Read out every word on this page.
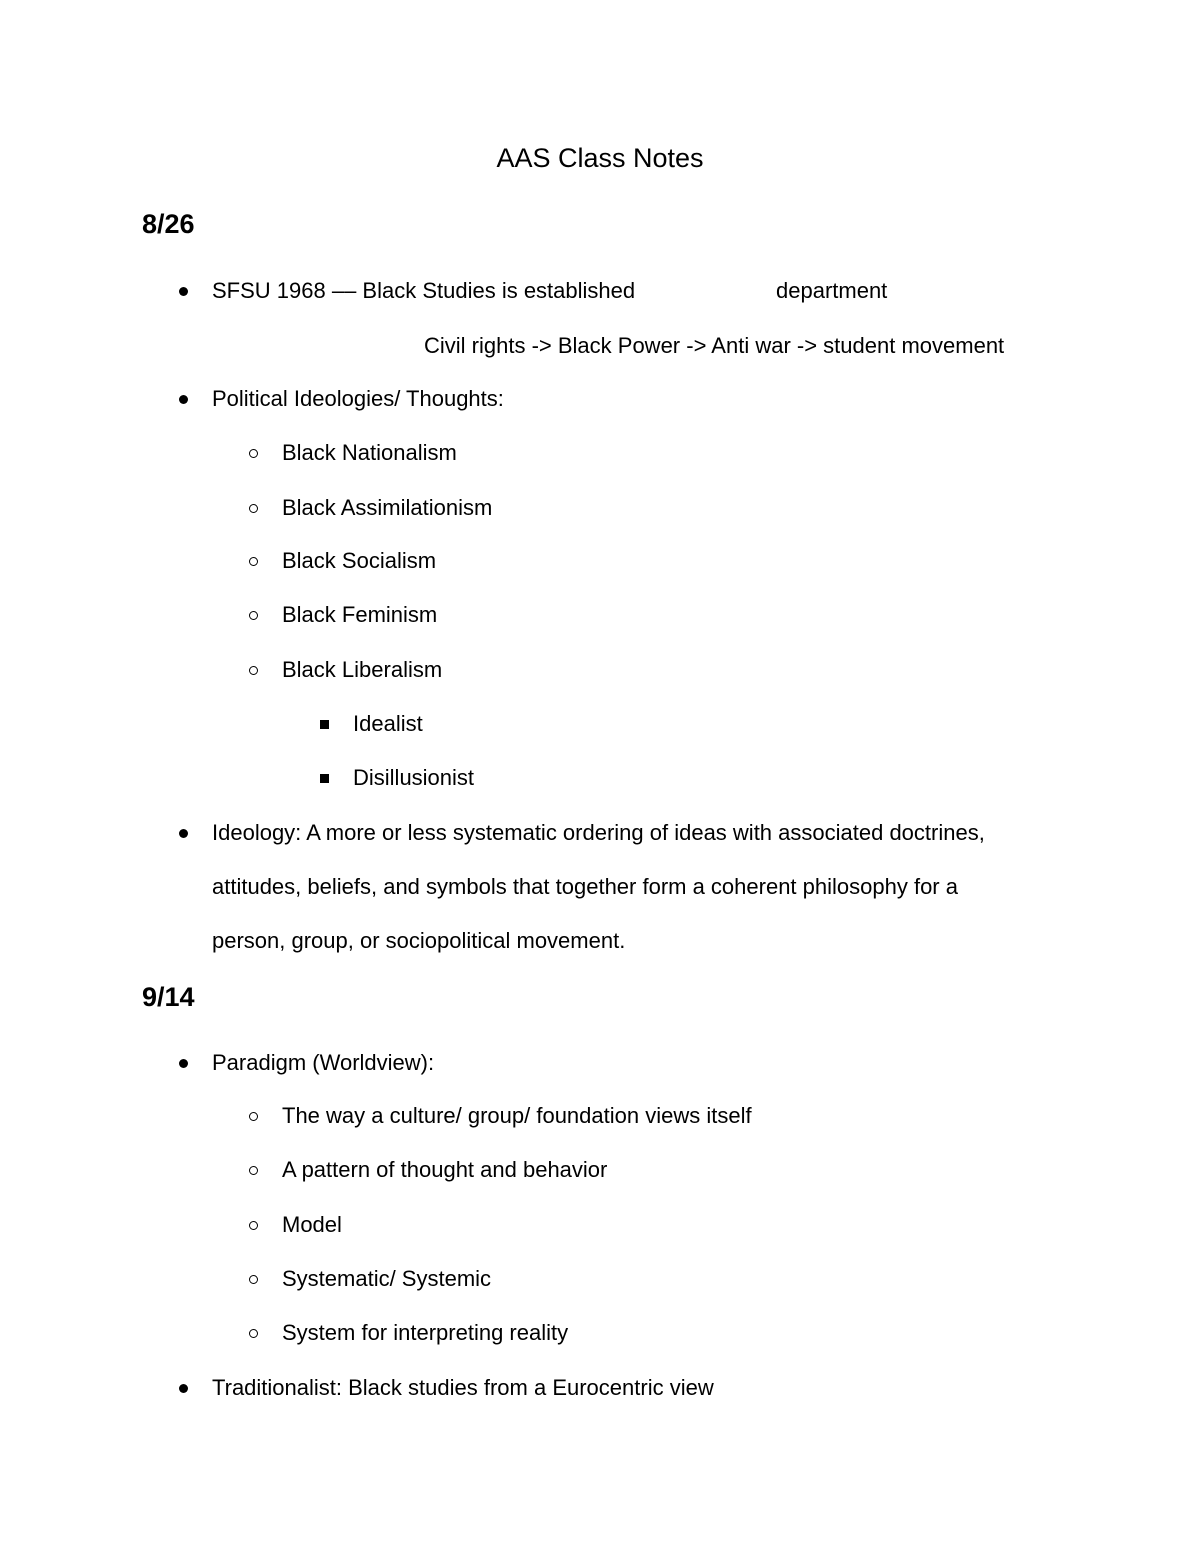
AAS Class Notes
8/26
SFSU 1968 –– Black Studies is established	department
Civil rights -> Black Power -> Anti war -> student movement
Political Ideologies/ Thoughts:
Black Nationalism
Black Assimilationism
Black Socialism
Black Feminism
Black Liberalism
Idealist
Disillusionist
Ideology: A more or less systematic ordering of ideas with associated doctrines,
attitudes, beliefs, and symbols that together form a coherent philosophy for a
person, group, or sociopolitical movement.
9/14
Paradigm (Worldview):
The way a culture/ group/ foundation views itself
A pattern of thought and behavior
Model
Systematic/ Systemic
System for interpreting reality
Traditionalist: Black studies from a Eurocentric view
